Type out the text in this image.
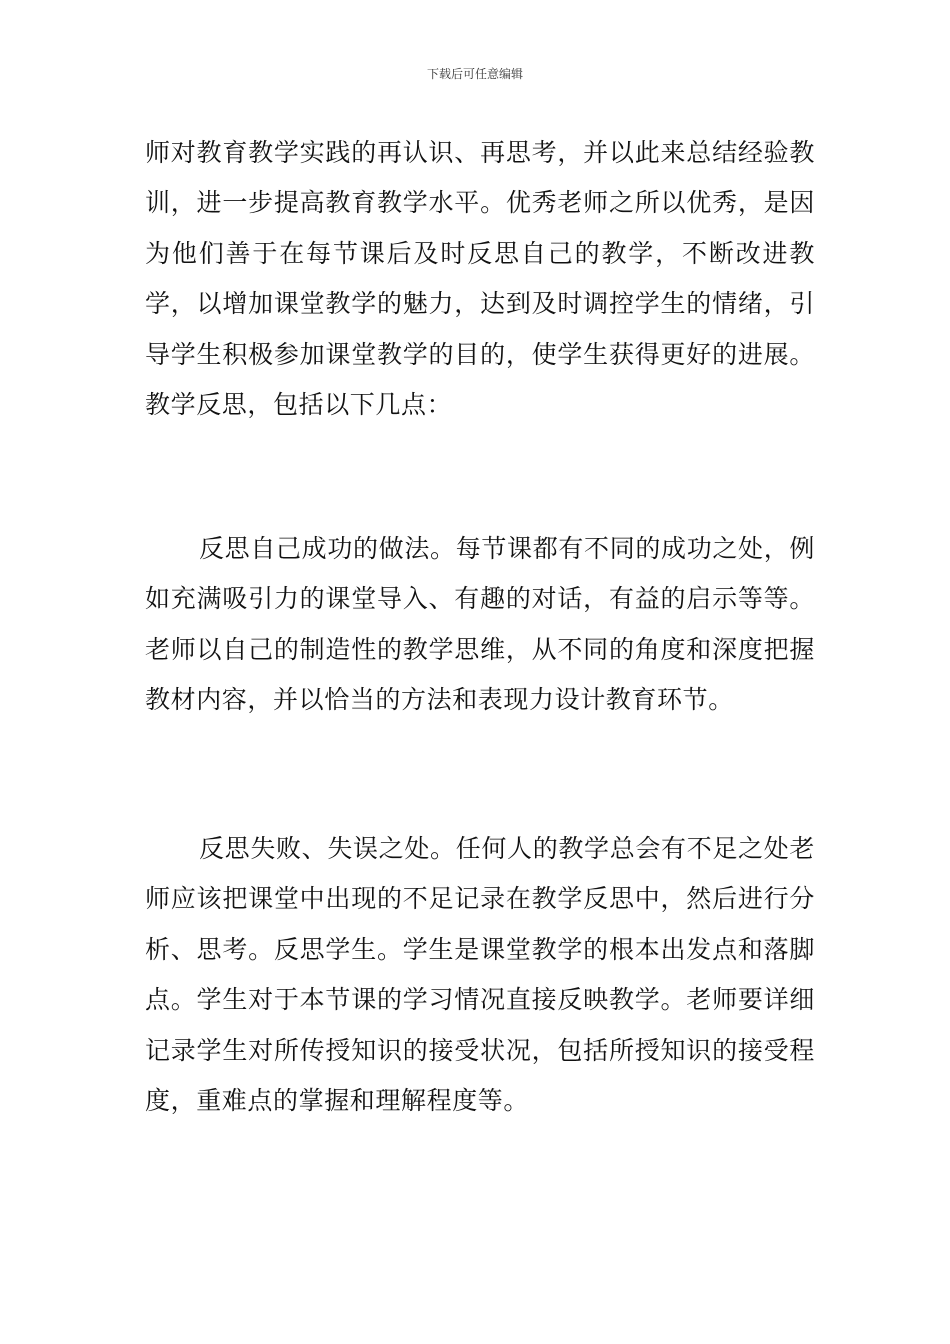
下载后可任意编辑

师对教育教学实践的再认识、再思考，并以此来总结经验教训，进一步提高教育教学水平。优秀老师之所以优秀，是因为他们善于在每节课后及时反思自己的教学，不断改进教学，以增加课堂教学的魅力，达到及时调控学生的情绪，引导学生积极参加课堂教学的目的，使学生获得更好的进展。教学反思，包括以下几点：

反思自己成功的做法。每节课都有不同的成功之处，例如充满吸引力的课堂导入、有趣的对话，有益的启示等等。老师以自己的制造性的教学思维，从不同的角度和深度把握教材内容，并以恰当的方法和表现力设计教育环节。

反思失败、失误之处。任何人的教学总会有不足之处老师应该把课堂中出现的不足记录在教学反思中，然后进行分析、思考。反思学生。学生是课堂教学的根本出发点和落脚点。学生对于本节课的学习情况直接反映教学。老师要详细记录学生对所传授知识的接受状况，包括所授知识的接受程度，重难点的掌握和理解程度等。
